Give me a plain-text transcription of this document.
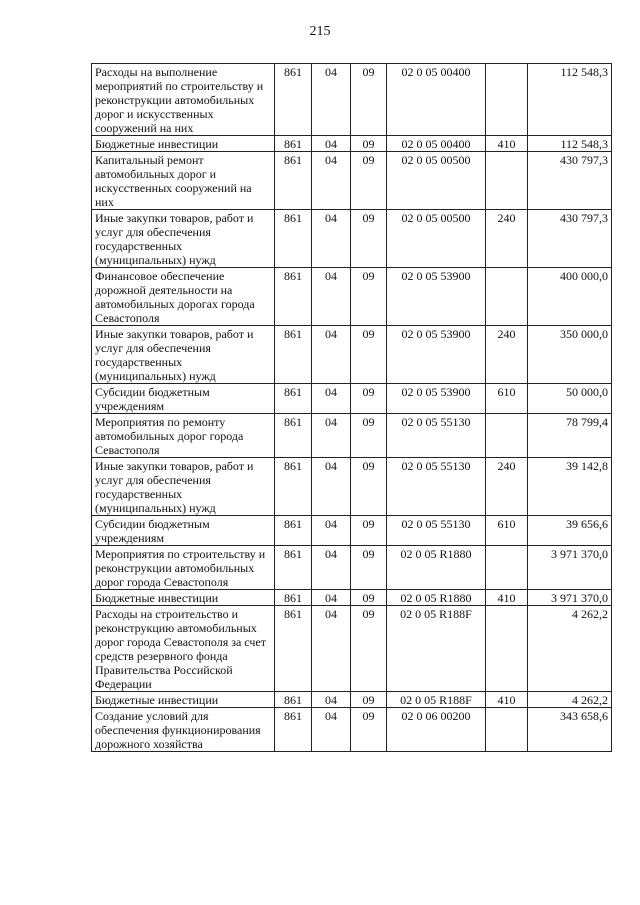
215
Расходы на выполнение мероприятий по строительству и реконструкции автомобильных дорог и искусственных сооружений на них	861	04	09	02 0 05 00400		112 548,3
Бюджетные инвестиции	861	04	09	02 0 05 00400	410	112 548,3
Капитальный ремонт автомобильных дорог и искусственных сооружений на них	861	04	09	02 0 05 00500		430 797,3
Иные закупки товаров, работ и услуг для обеспечения государственных (муниципальных) нужд	861	04	09	02 0 05 00500	240	430 797,3
Финансовое обеспечение дорожной деятельности на автомобильных дорогах города Севастополя	861	04	09	02 0 05 53900		400 000,0
Иные закупки товаров, работ и услуг для обеспечения государственных (муниципальных) нужд	861	04	09	02 0 05 53900	240	350 000,0
Субсидии бюджетным учреждениям	861	04	09	02 0 05 53900	610	50 000,0
Мероприятия по ремонту автомобильных дорог города Севастополя	861	04	09	02 0 05 55130		78 799,4
Иные закупки товаров, работ и услуг для обеспечения государственных (муниципальных) нужд	861	04	09	02 0 05 55130	240	39 142,8
Субсидии бюджетным учреждениям	861	04	09	02 0 05 55130	610	39 656,6
Мероприятия по строительству и реконструкции автомобильных дорог города Севастополя	861	04	09	02 0 05 R1880		3 971 370,0
Бюджетные инвестиции	861	04	09	02 0 05 R1880	410	3 971 370,0
Расходы на строительство и реконструкцию автомобильных дорог города Севастополя за счет средств резервного фонда Правительства Российской Федерации	861	04	09	02 0 05 R188F		4 262,2
Бюджетные инвестиции	861	04	09	02 0 05 R188F	410	4 262,2
Создание условий для обеспечения функционирования дорожного хозяйства	861	04	09	02 0 06 00200		343 658,6
